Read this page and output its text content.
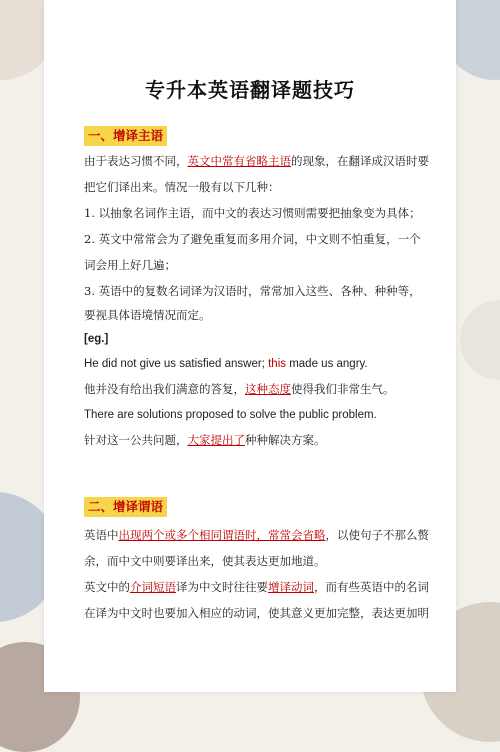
专升本英语翻译题技巧
一、增译主语
由于表达习惯不同，英文中常有省略主语的现象，在翻译成汉语时要
把它们译出来。情况一般有以下几种：
1. 以抽象名词作主语，而中文的表达习惯则需要把抽象变为具体；
2. 英文中常常会为了避免重复而多用介词，中文则不怕重复，一个
词会用上好几遍；
3. 英语中的复数名词译为汉语时，常常加入这些、各种、种种等，
要视具体语境情况而定。
[eg.]
He did not give us satisfied answer; this made us angry.
他并没有给出我们满意的答复，这种态度使得我们非常生气。
There are solutions proposed to solve the public problem.
针对这一公共问题，大家提出了种种解决方案。
二、增译谓语
英语中出现两个或多个相同谓语时，常常会省略，以使句子不那么赘
余，而中文中则要译出来，使其表达更加地道。
英文中的介词短语译为中文时往往要增译动词，而有些英语中的名词
在译为中文时也要加入相应的动词，使其意义更加完整，表达更加明
